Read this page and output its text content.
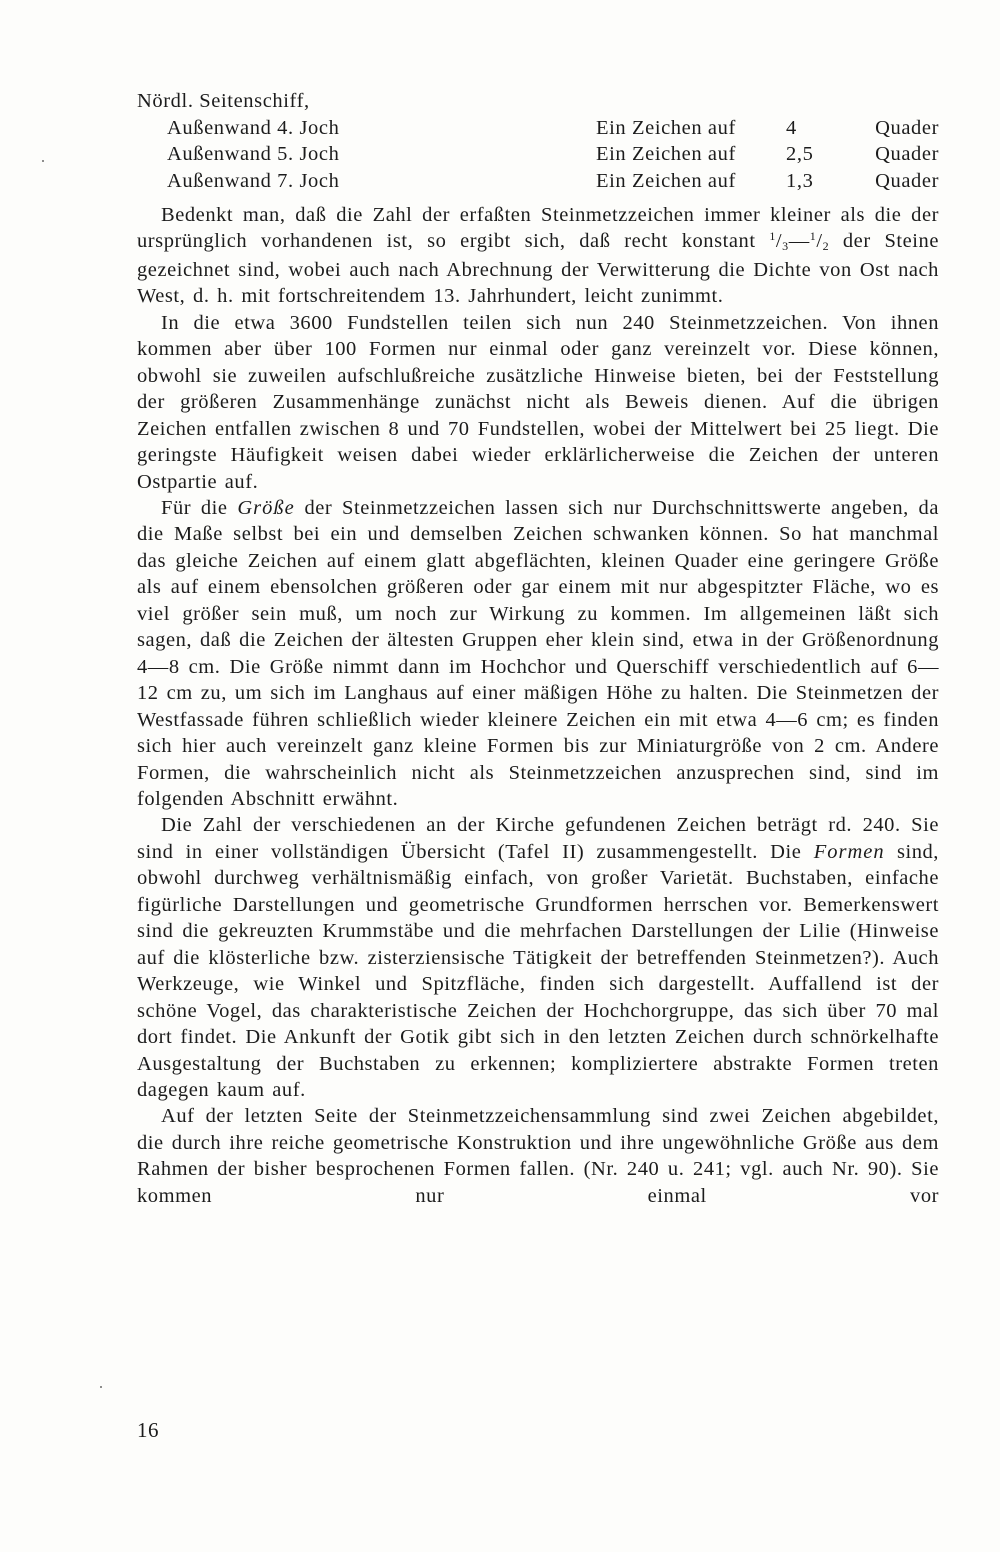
Nördl. Seitenschiff,
Außenwand 4. Joch	Ein Zeichen auf 4	Quader
Außenwand 5. Joch	Ein Zeichen auf 2,5	Quader
Außenwand 7. Joch	Ein Zeichen auf 1,3	Quader

Bedenkt man, daß die Zahl der erfaßten Steinmetzzeichen immer kleiner als die der ursprünglich vorhandenen ist, so ergibt sich, daß recht konstant $^1$/3—$^1$/2 der Steine gezeichnet sind, wobei auch nach Abrechnung der Verwitterung die Dichte von Ost nach West, d. h. mit fortschreitendem 13. Jahrhundert, leicht zunimmt.

In die etwa 3600 Fundstellen teilen sich nun 240 Steinmetzzeichen. Von ihnen kommen aber über 100 Formen nur einmal oder ganz vereinzelt vor. Diese können, obwohl sie zuweilen aufschlußreiche zusätzliche Hinweise bieten, bei der Feststellung der größeren Zusammenhänge zunächst nicht als Beweis dienen. Auf die übrigen Zeichen entfallen zwischen 8 und 70 Fundstellen, wobei der Mittelwert bei 25 liegt. Die geringste Häufigkeit weisen dabei wieder erklärlicherweise die Zeichen der unteren Ostpartie auf.

Für die Größe der Steinmetzzeichen lassen sich nur Durchschnittswerte angeben, da die Maße selbst bei ein und demselben Zeichen schwanken können. So hat manchmal das gleiche Zeichen auf einem glatt abgeflächten, kleinen Quader eine geringere Größe als auf einem ebensolchen größeren oder gar einem mit nur abgespitzter Fläche, wo es viel größer sein muß, um noch zur Wirkung zu kommen. Im allgemeinen läßt sich sagen, daß die Zeichen der ältesten Gruppen eher klein sind, etwa in der Größenordnung 4—8 cm. Die Größe nimmt dann im Hochchor und Querschiff verschiedentlich auf 6—12 cm zu, um sich im Langhaus auf einer mäßigen Höhe zu halten. Die Steinmetzen der Westfassade führen schließlich wieder kleinere Zeichen ein mit etwa 4—6 cm; es finden sich hier auch vereinzelt ganz kleine Formen bis zur Miniaturgröße von 2 cm. Andere Formen, die wahrscheinlich nicht als Steinmetzzeichen anzusprechen sind, sind im folgenden Abschnitt erwähnt.

Die Zahl der verschiedenen an der Kirche gefundenen Zeichen beträgt rd. 240. Sie sind in einer vollständigen Übersicht (Tafel II) zusammengestellt. Die Formen sind, obwohl durchweg verhältnismäßig einfach, von großer Varietät. Buchstaben, einfache figürliche Darstellungen und geometrische Grundformen herrschen vor. Bemerkenswert sind die gekreuzten Krummstäbe und die mehrfachen Darstellungen der Lilie (Hinweise auf die klösterliche bzw. zisterziensische Tätigkeit der betreffenden Steinmetzen?). Auch Werkzeuge, wie Winkel und Spitzfläche, finden sich dargestellt. Auffallend ist der schöne Vogel, das charakteristische Zeichen der Hochchorgruppe, das sich über 70 mal dort findet. Die Ankunft der Gotik gibt sich in den letzten Zeichen durch schnörkelhafte Ausgestaltung der Buchstaben zu erkennen; kompliziertere abstrakte Formen treten dagegen kaum auf.

Auf der letzten Seite der Steinmetzzeichensammlung sind zwei Zeichen abgebildet, die durch ihre reiche geometrische Konstruktion und ihre ungewöhnliche Größe aus dem Rahmen der bisher besprochenen Formen fallen. (Nr. 240 u. 241; vgl. auch Nr. 90). Sie kommen nur einmal vor

16
